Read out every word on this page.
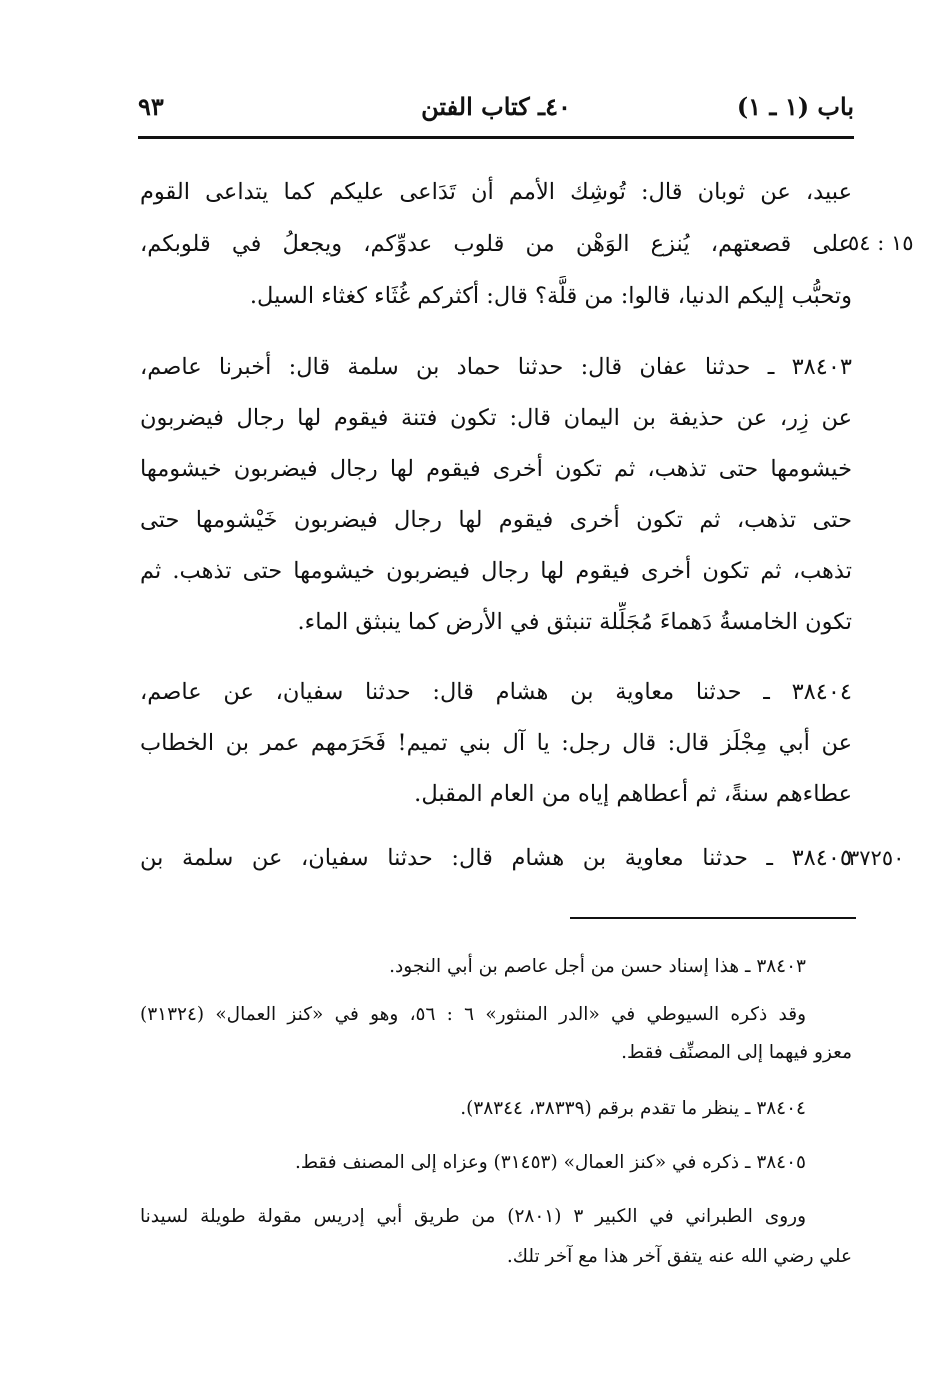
باب (١ ـ ١)
٤٠ـ كتاب الفتن
٩٣
١٥ : ٥٤
٣٧٢٥٠
عبيد، عن ثوبان قال: تُوشِك الأمم أن تَدَاعى عليكم كما يتداعى القوم
على قصعتهم، يُنزع الوَهْن من قلوب عدوِّكم، ويجعلُ في قلوبكم،
وتحبُّب إليكم الدنيا، قالوا: من قلَّة؟ قال: أكثركم غُثَاء كغثاء السيل.
٣٨٤٠٣ ـ حدثنا عفان قال: حدثنا حماد بن سلمة قال: أخبرنا عاصم،
عن زِر، عن حذيفة بن اليمان قال: تكون فتنة فيقوم لها رجال فيضربون
خيشومها حتى تذهب، ثم تكون أخرى فيقوم لها رجال فيضربون خيشومها
حتى تذهب، ثم تكون أخرى فيقوم لها رجال فيضربون خَيْشومها حتى
تذهب، ثم تكون أخرى فيقوم لها رجال فيضربون خيشومها حتى تذهب. ثم
تكون الخامسةُ دَهماءَ مُجَلِّلة تنبثق في الأرض كما ينبثق الماء.
٣٨٤٠٤ ـ حدثنا معاوية بن هشام قال: حدثنا سفيان، عن عاصم،
عن أبي مِجْلَز قال: قال رجل: يا آل بني تميم! فَحَرَمهم عمر بن الخطاب
عطاءهم سنةً، ثم أعطاهم إياه من العام المقبل.
٣٨٤٠٥ ـ حدثنا معاوية بن هشام قال: حدثنا سفيان، عن سلمة بن
٣٨٤٠٣ ـ هذا إسناد حسن من أجل عاصم بن أبي النجود.
وقد ذكره السيوطي في «الدر المنثور» ٦ : ٥٦، وهو في «كنز العمال» (٣١٣٢٤)
معزو فيهما إلى المصنِّف فقط.
٣٨٤٠٤ ـ ينظر ما تقدم برقم (٣٨٣٣٩، ٣٨٣٤٤).
٣٨٤٠٥ ـ ذكره في «كنز العمال» (٣١٤٥٣) وعزاه إلى المصنف فقط.
وروى الطبراني في الكبير ٣ (٢٨٠١) من طريق أبي إدريس مقولة طويلة لسيدنا
علي رضي الله عنه يتفق آخر هذا مع آخر تلك.
